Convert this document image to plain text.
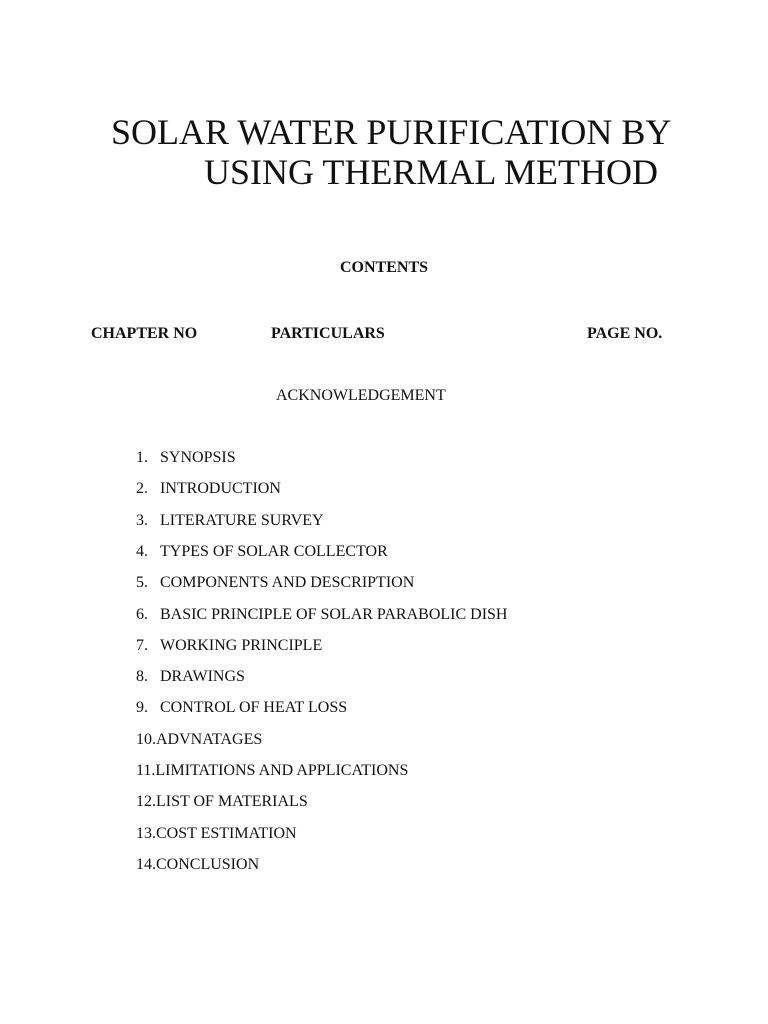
SOLAR WATER PURIFICATION BY
USING THERMAL METHOD
CONTENTS
CHAPTER NO	PARTICULARS	PAGE NO.
ACKNOWLEDGEMENT
1. SYNOPSIS
2. INTRODUCTION
3. LITERATURE SURVEY
4. TYPES OF SOLAR COLLECTOR
5. COMPONENTS AND DESCRIPTION
6. BASIC PRINCIPLE OF SOLAR PARABOLIC DISH
7. WORKING PRINCIPLE
8. DRAWINGS
9. CONTROL OF HEAT LOSS
10. ADVNATAGES
11. LIMITATIONS AND APPLICATIONS
12. LIST OF MATERIALS
13. COST ESTIMATION
14. CONCLUSION
